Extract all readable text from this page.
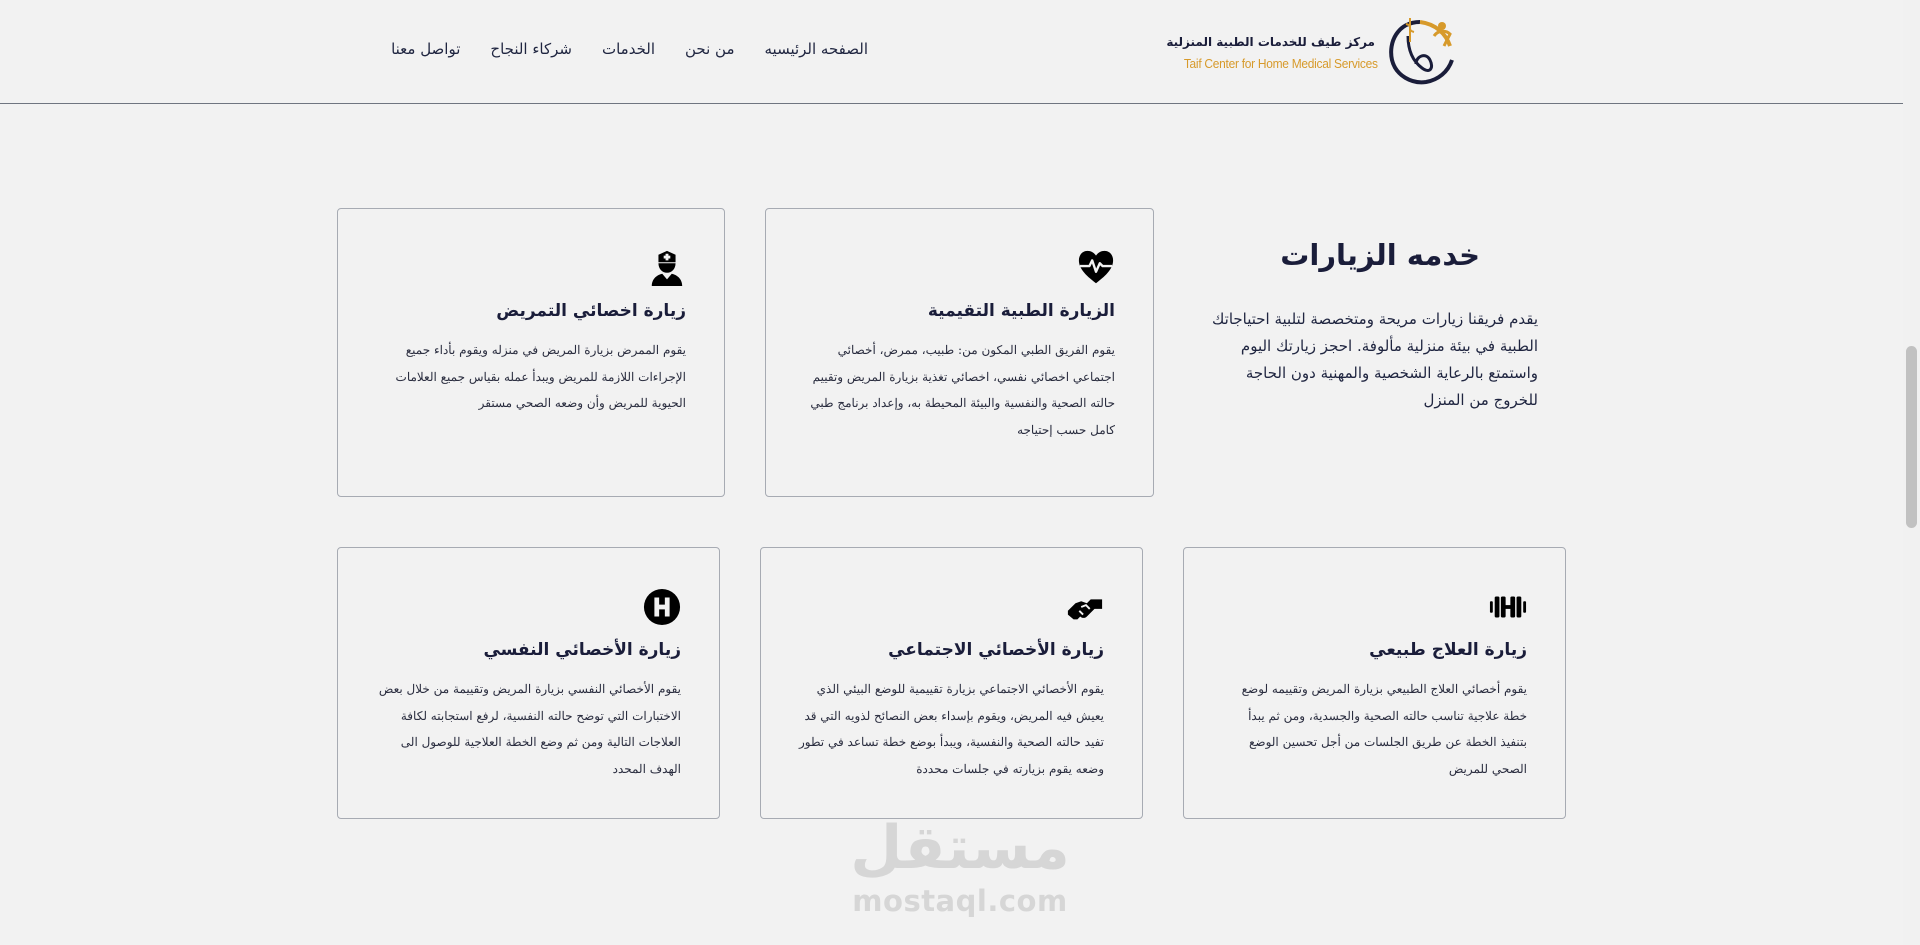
مركز طيف للخدمات الطبية المنزلية
Taif Center for Home Medical Services
الصفحه الرئيسيه
من نحن
الخدمات
شركاء النجاح
تواصل معنا
خدمه الزيارات

يقدم فريقنا زيارات مريحة ومتخصصة لتلبية احتياجاتك الطبية في بيئة منزلية مألوفة. احجز زيارتك اليوم واستمتع بالرعاية الشخصية والمهنية دون الحاجة للخروج من المنزل

الزيارة الطبية التقيمية
يقوم الفريق الطبي المكون من: طبيب، ممرض، أخصائي اجتماعي اخصائي نفسي، اخصائي تغذية بزيارة المريض وتقييم حالته الصحية والنفسية والبيئة المحيطة به، وإعداد برنامج طبي كامل حسب إحتياجه
زيارة اخصائي التمريض
يقوم الممرض بزيارة المريض في منزله ويقوم بأداء جميع الإجراءات اللازمة للمريض ويبدأ عمله بقياس جميع العلامات الحيوية للمريض وأن وضعه الصحي مستقر
زيارة العلاج طبيعي
يقوم أخصائي العلاج الطبيعي بزيارة المريض وتقييمه لوضع خطة علاجية تناسب حالته الصحية والجسدية، ومن ثم يبدأ بتنفيذ الخطة عن طريق الجلسات من أجل تحسين الوضع الصحي للمريض
زيارة الأخصائي الاجتماعي
يقوم الأخصائي الاجتماعي بزيارة تقييمية للوضع البيئي الذي يعيش فيه المريض، ويقوم بإسداء بعض النصائح لذويه التي قد تفيد حالته الصحية والنفسية، ويبدأ بوضع خطة تساعد في تطور وضعه يقوم بزيارته في جلسات محددة
زيارة الأخصائي النفسي
يقوم الأخصائي النفسي بزيارة المريض وتقييمة من خلال بعض الاختبارات التي توضح حالته النفسية، لرفع استجابته لكافة العلاجات التالية ومن ثم وضع الخطة العلاجية للوصول الى الهدف المحدد
مستقل
mostaql.com
